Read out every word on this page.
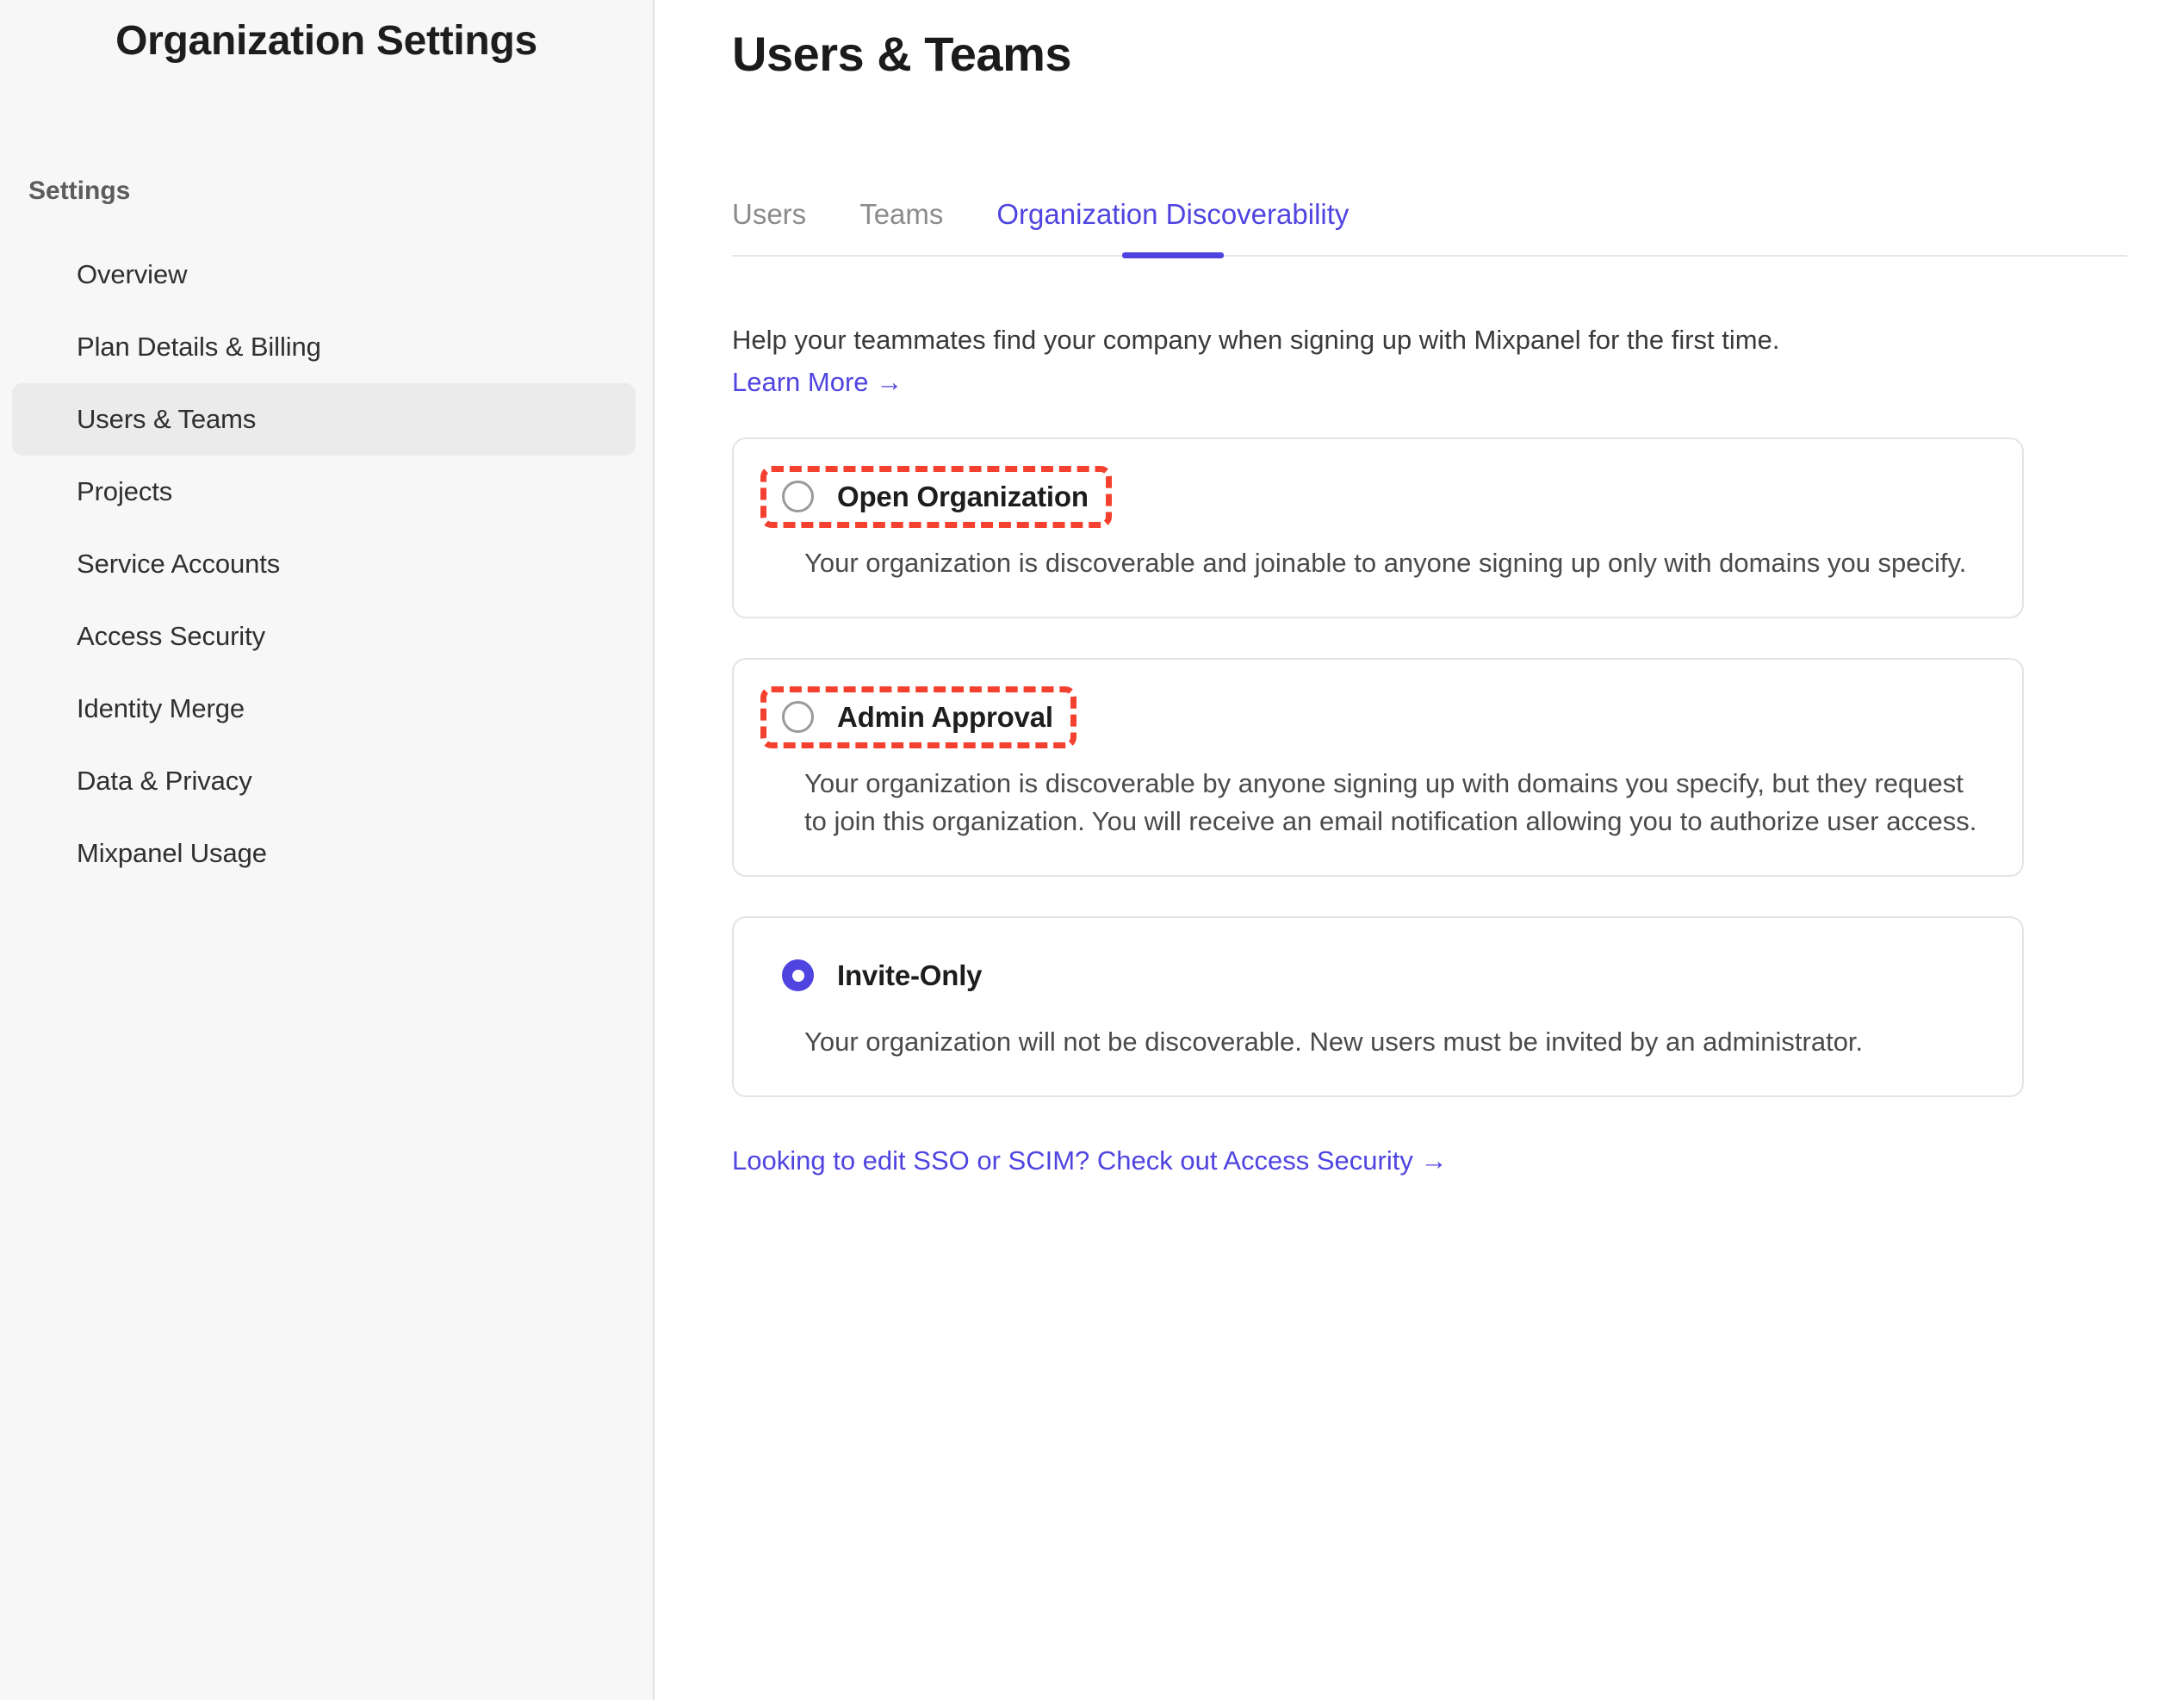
Organization Settings
Settings
Overview
Plan Details & Billing
Users & Teams
Projects
Service Accounts
Access Security
Identity Merge
Data & Privacy
Mixpanel Usage
Users & Teams
Users Teams Organization Discoverability
Help your teammates find your company when signing up with Mixpanel for the first time.
Learn More →
Open Organization
Your organization is discoverable and joinable to anyone signing up only with domains you specify.
Admin Approval
Your organization is discoverable by anyone signing up with domains you specify, but they request to join this organization. You will receive an email notification allowing you to authorize user access.
Invite-Only
Your organization will not be discoverable. New users must be invited by an administrator.
Looking to edit SSO or SCIM? Check out Access Security →
